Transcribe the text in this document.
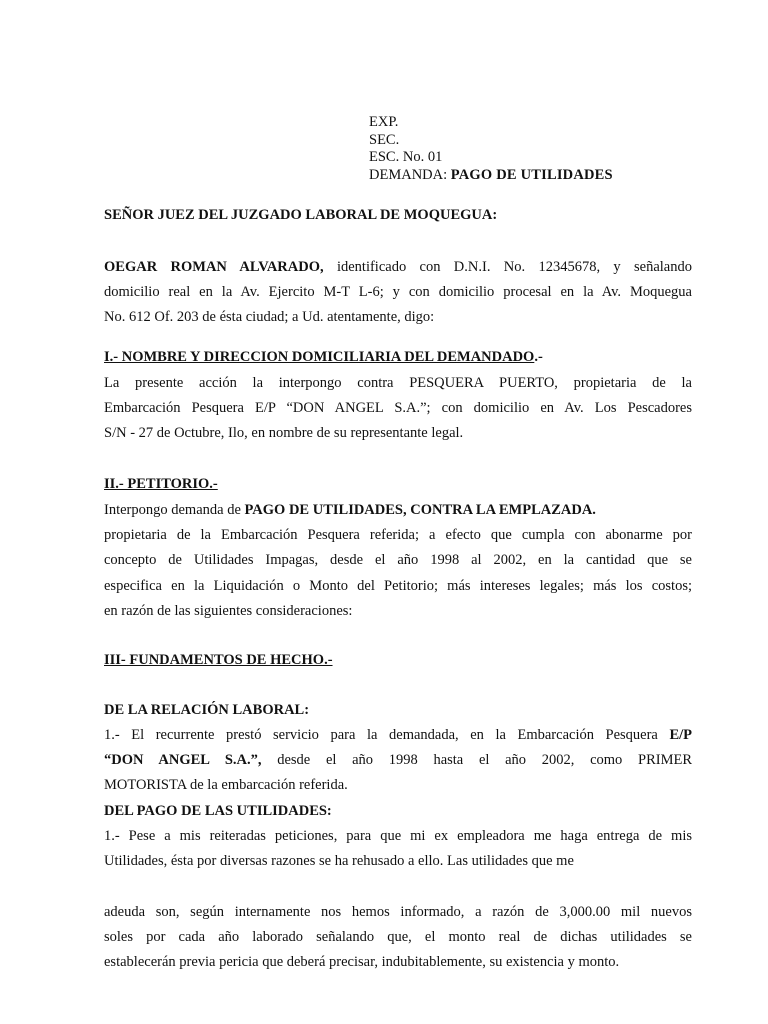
EXP.
SEC.
ESC. No. 01
DEMANDA: PAGO DE UTILIDADES
SEÑOR JUEZ DEL JUZGADO LABORAL DE MOQUEGUA:
OEGAR ROMAN ALVARADO, identificado con D.N.I. No. 12345678, y señalando
domicilio real en la Av. Ejercito M-T L-6; y con domicilio procesal en la Av. Moquegua
No. 612 Of. 203 de ésta ciudad; a Ud. atentamente, digo:
I.- NOMBRE Y DIRECCION DOMICILIARIA DEL DEMANDADO.-
La presente acción la interpongo contra PESQUERA PUERTO, propietaria de la
Embarcación Pesquera E/P “DON ANGEL S.A.”; con domicilio en Av. Los Pescadores
S/N - 27 de Octubre, Ilo, en nombre de su representante legal.
II.- PETITORIO.-
Interpongo demanda de PAGO DE UTILIDADES, CONTRA LA EMPLAZADA.
propietaria de la Embarcación Pesquera referida; a efecto que cumpla con abonarme por
concepto de Utilidades Impagas, desde el año 1998 al 2002, en la cantidad que se
especifica en la Liquidación o Monto del Petitorio; más intereses legales; más los costos;
en razón de las siguientes consideraciones:
III- FUNDAMENTOS DE HECHO.-
DE LA RELACIÓN LABORAL:
1.- El recurrente prestó servicio para la demandada, en la Embarcación Pesquera E/P
“DON ANGEL S.A.”, desde el año 1998 hasta el año 2002, como PRIMER
MOTORISTA de la embarcación referida.
DEL PAGO DE LAS UTILIDADES:
1.- Pese a mis reiteradas peticiones, para que mi ex empleadora me haga entrega de mis
Utilidades, ésta por diversas razones se ha rehusado a ello. Las utilidades que me
adeuda son, según internamente nos hemos informado, a razón de 3,000.00 mil nuevos
soles por cada año laborado señalando que, el monto real de dichas utilidades se
establecerán previa pericia que deberá precisar, indubitablemente, su existencia y monto.
